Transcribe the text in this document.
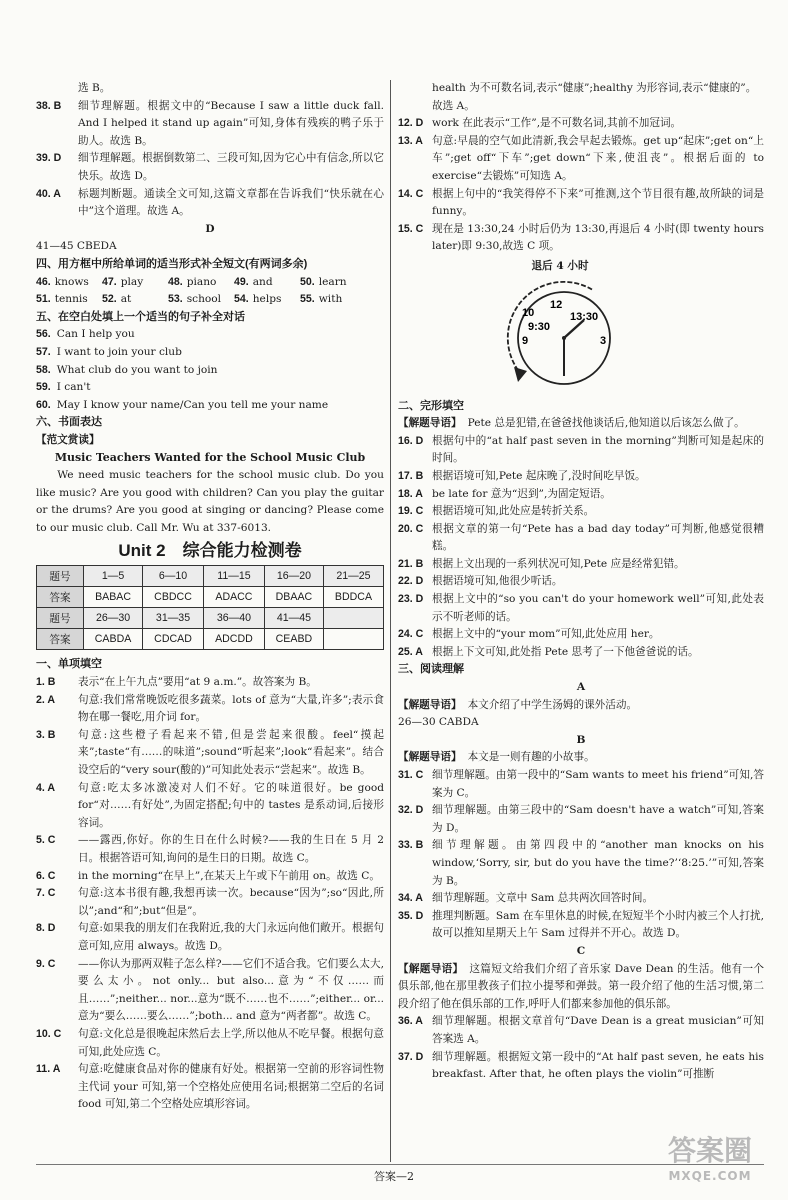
选 B。
38. B	细节理解题。根据文中的“Because I saw a little duck fall. And I helped it stand up again”可知,身体有残疾的鸭子乐于助人。故选 B。
39. D	细节理解题。根据倒数第二、三段可知,因为它心中有信念,所以它快乐。故选 D。
40. A	标题判断题。通读全文可知,这篇文章都在告诉我们“快乐就在心中”这个道理。故选 A。
D
41—45 CBEDA
四、用方框中所给单词的适当形式补全短文(有两词多余)
46. knows	47. play	48. piano	49. and	50. learn
51. tennis	52. at	53. school	54. helps	55. with
五、在空白处填上一个适当的句子补全对话
56. Can I help you
57. I want to join your club
58. What club do you want to join
59. I can't
60. May I know your name/Can you tell me your name
六、书面表达
【范文赏读】
Music Teachers Wanted for the School Music Club
We need music teachers for the school music club. Do you like music? Are you good with children? Can you play the guitar or the drums? Are you good at singing or dancing? Please come to our music club. Call Mr. Wu at 337-6013.
Unit 2　综合能力检测卷
题号	1—5	6—10	11—15	16—20	21—25
答案	BABAC	CBDCC	ADACC	DBAAC	BDDCA
题号	26—30	31—35	36—40	41—45	
答案	CABDA	CDCAD	ADCDD	CEABD	
一、单项填空
1. B	表示“在上午九点”要用“at 9 a.m.”。故答案为 B。
2. A	句意:我们常常晚饭吃很多蔬菜。lots of 意为“大量,许多”;表示食物在哪一餐吃,用介词 for。
3. B	句意:这些橙子看起来不错,但是尝起来很酸。feel“摸起来”;taste“有……的味道”;sound“听起来”;look“看起来”。结合设空后的“very sour(酸的)”可知此处表示“尝起来”。故选 B。
4. A	句意:吃太多冰激凌对人们不好。它的味道很好。be good for“对……有好处”,为固定搭配;句中的 tastes 是系动词,后接形容词。
5. C	——露西,你好。你的生日在什么时候?——我的生日在 5 月 2 日。根据答语可知,询问的是生日的日期。故选 C。
6. C	in the morning“在早上”,在某天上午或下午前用 on。故选 C。
7. C	句意:这本书很有趣,我想再读一次。because“因为”;so“因此,所以”;and“和”;but“但是”。
8. D	句意:如果我的朋友们在我附近,我的大门永远向他们敞开。根据句意可知,应用 always。故选 D。
9. C	——你认为那两双鞋子怎么样?——它们不适合我。它们要么太大,要么太小。not only... but also...意为“不仅……而且……”;neither... nor...意为“既不……也不……”;either... or...意为“要么……要么……”;both... and 意为“两者都”。故选 C。
10. C	句意:文化总是很晚起床然后去上学,所以他从不吃早餐。根据句意可知,此处应选 C。
11. A	句意:吃健康食品对你的健康有好处。根据第一空前的形容词性物主代词 your 可知,第一个空格处应使用名词;根据第二空后的名词 food 可知,第二个空格处应填形容词。
health 为不可数名词,表示“健康”;healthy 为形容词,表示“健康的”。故选 A。
12. D work 在此表示“工作”,是不可数名词,其前不加冠词。
13. A 句意:早晨的空气如此清新,我会早起去锻炼。get up“起床”;get on“上车”;get off“下车”;get down“下来,使沮丧”。根据后面的 to exercise“去锻炼”可知选 A。
14. C 根据上句中的“我笑得停不下来”可推测,这个节目很有趣,故所缺的词是 funny。
15. C 现在是 13:30,24 小时后仍为 13:30,再退后 4 小时(即 twenty hours later)即 9:30,故选 C 项。
退后 4 小时
12
13:30
10
9:30
9	3
二、完形填空
【解题导语】 Pete 总是犯错,在爸爸找他谈话后,他知道以后该怎么做了。
16. D 根据句中的“at half past seven in the morning”判断可知是起床的时间。
17. B 根据语境可知,Pete 起床晚了,没时间吃早饭。
18. A be late for 意为“迟到”,为固定短语。
19. C 根据语境可知,此处应是转折关系。
20. C 根据文章的第一句“Pete has a bad day today”可判断,他感觉很糟糕。
21. B 根据上文出现的一系列状况可知,Pete 应是经常犯错。
22. D 根据语境可知,他很少听话。
23. D 根据上文中的“so you can't do your homework well”可知,此处表示不听老师的话。
24. C 根据上文中的“your mom”可知,此处应用 her。
25. A 根据上下文可知,此处指 Pete 思考了一下他爸爸说的话。
三、阅读理解
A
【解题导语】 本文介绍了中学生汤姆的课外活动。
26—30 CABDA
B
【解题导语】 本文是一则有趣的小故事。
31. C 细节理解题。由第一段中的“Sam wants to meet his friend”可知,答案为 C。
32. D 细节理解题。由第三段中的“Sam doesn't have a watch”可知,答案为 D。
33. B 细节理解题。由第四段中的“another man knocks on his window,‘Sorry, sir, but do you have the time?’‘8:25.’”可知,答案为 B。
34. A 细节理解题。文章中 Sam 总共两次回答时间。
35. D 推理判断题。Sam 在车里休息的时候,在短短半个小时内被三个人打扰,故可以推知星期天上午 Sam 过得并不开心。故选 D。
C
【解题导语】 这篇短文给我们介绍了音乐家 Dave Dean 的生活。他有一个俱乐部,他在那里教孩子们拉小提琴和弹鼓。第一段介绍了他的生活习惯,第二段介绍了他在俱乐部的工作,呼吁人们都来参加他的俱乐部。
36. A 细节理解题。根据文章首句“Dave Dean is a great musician”可知答案选 A。
37. D 细节理解题。根据短文第一段中的“At half past seven, he eats his breakfast. After that, he often plays the violin”可推断
答案—2
答案圈
MXQE.COM
